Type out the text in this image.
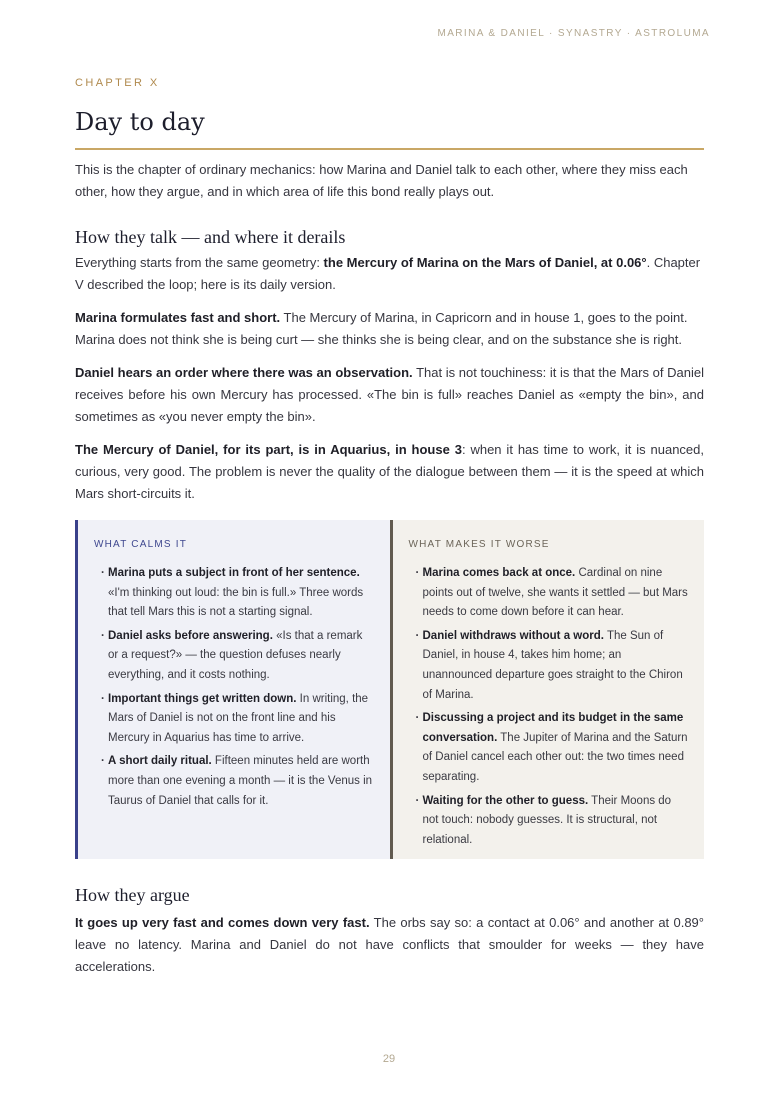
MARINA & DANIEL · SYNASTRY · ASTROLUMA

CHAPTER X

Day to day

This is the chapter of ordinary mechanics: how Marina and Daniel talk to each other, where they miss each other, how they argue, and in which area of life this bond really plays out.

How they talk — and where it derails

Everything starts from the same geometry: the Mercury of Marina on the Mars of Daniel, at 0.06°. Chapter V described the loop; here is its daily version.

Marina formulates fast and short. The Mercury of Marina, in Capricorn and in house 1, goes to the point. Marina does not think she is being curt — she thinks she is being clear, and on the substance she is right.

Daniel hears an order where there was an observation. That is not touchiness: it is that the Mars of Daniel receives before his own Mercury has processed. «The bin is full» reaches Daniel as «empty the bin», and sometimes as «you never empty the bin».

The Mercury of Daniel, for its part, is in Aquarius, in house 3: when it has time to work, it is nuanced, curious, very good. The problem is never the quality of the dialogue between them — it is the speed at which Mars short-circuits it.

WHAT CALMS IT

· Marina puts a subject in front of her sentence. «I'm thinking out loud: the bin is full.» Three words that tell Mars this is not a starting signal.
· Daniel asks before answering. «Is that a remark or a request?» — the question defuses nearly everything, and it costs nothing.
· Important things get written down. In writing, the Mars of Daniel is not on the front line and his Mercury in Aquarius has time to arrive.
· A short daily ritual. Fifteen minutes held are worth more than one evening a month — it is the Venus in Taurus of Daniel that calls for it.

WHAT MAKES IT WORSE

· Marina comes back at once. Cardinal on nine points out of twelve, she wants it settled — but Mars needs to come down before it can hear.
· Daniel withdraws without a word. The Sun of Daniel, in house 4, takes him home; an unannounced departure goes straight to the Chiron of Marina.
· Discussing a project and its budget in the same conversation. The Jupiter of Marina and the Saturn of Daniel cancel each other out: the two times need separating.
· Waiting for the other to guess. Their Moons do not touch: nobody guesses. It is structural, not relational.
How they argue

It goes up very fast and comes down very fast. The orbs say so: a contact at 0.06° and another at 0.89° leave no latency. Marina and Daniel do not have conflicts that smoulder for weeks — they have accelerations.

29
